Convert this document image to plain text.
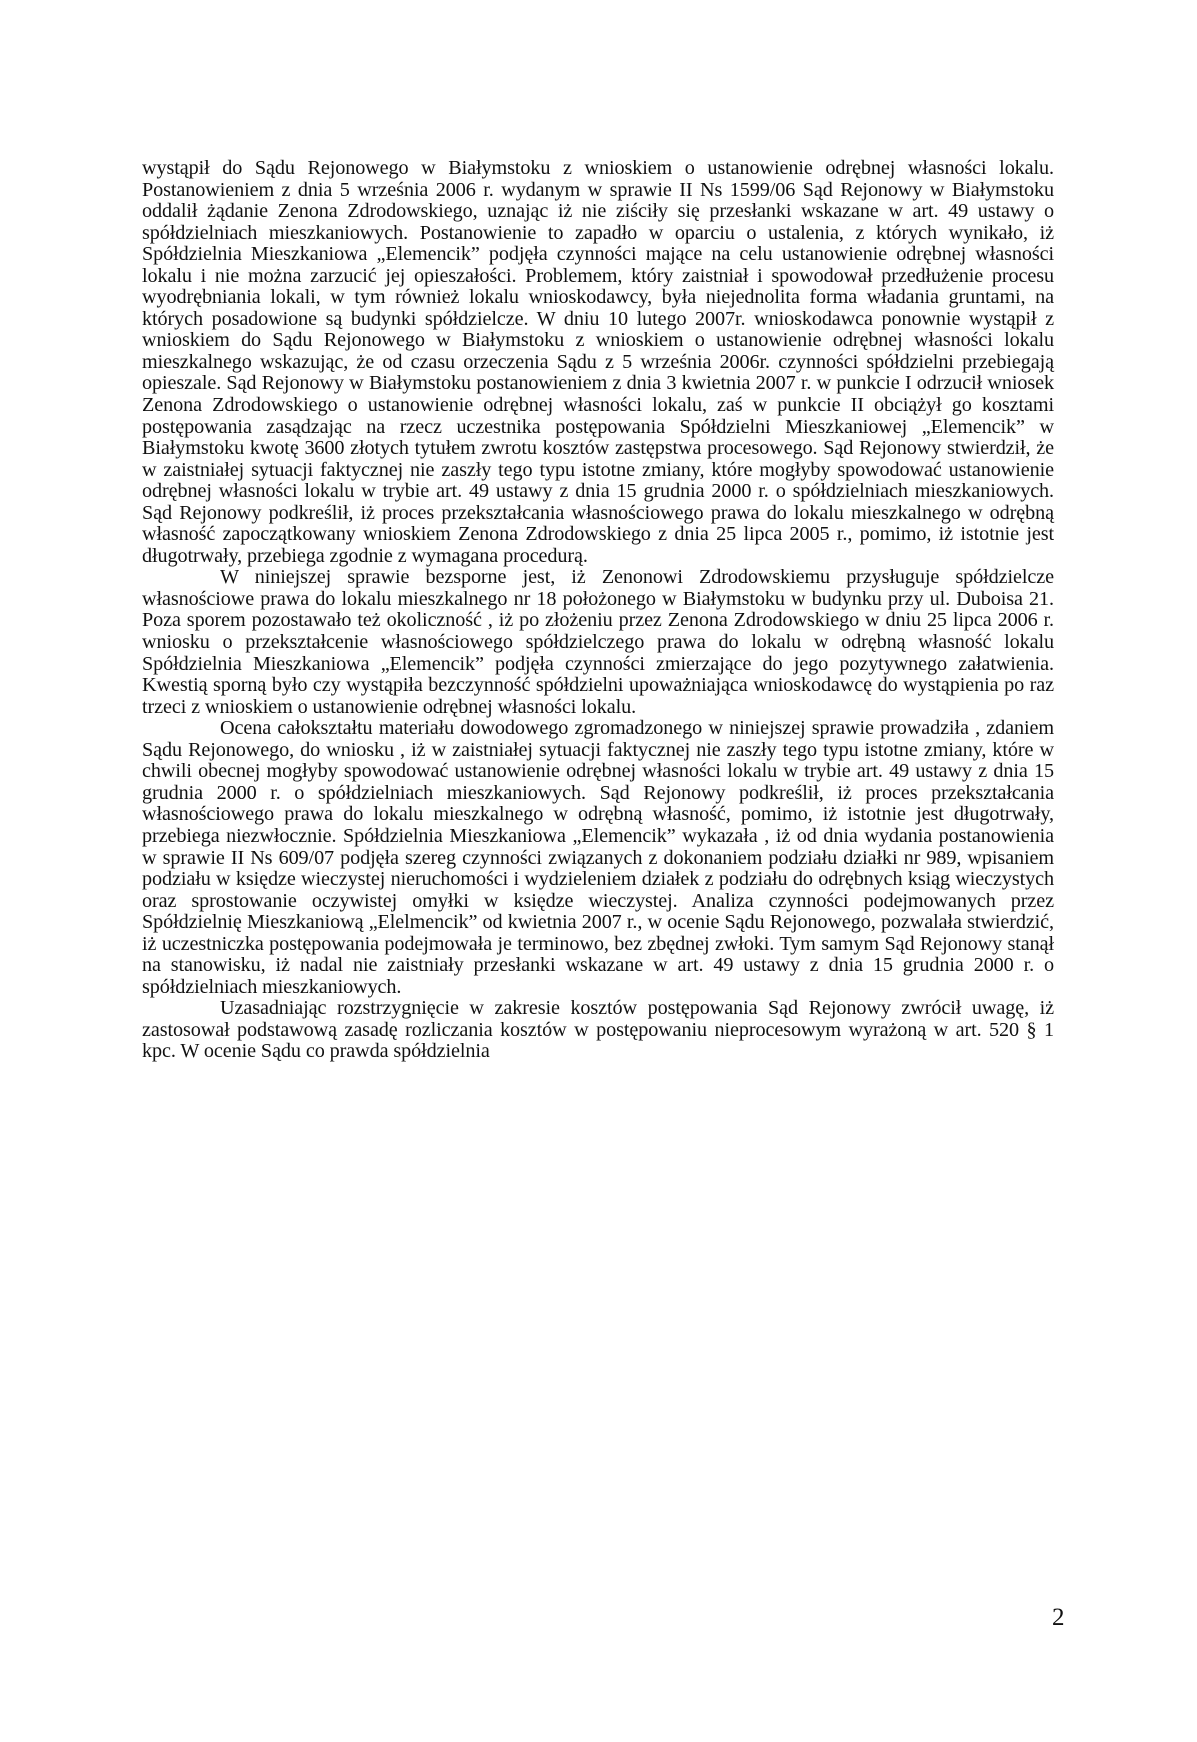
wystąpił do Sądu Rejonowego w Białymstoku z wnioskiem o ustanowienie odrębnej własności lokalu. Postanowieniem z dnia 5 września 2006 r. wydanym w sprawie II Ns 1599/06 Sąd Rejonowy w Białymstoku oddalił żądanie Zenona Zdrodowskiego, uznając iż nie ziściły się przesłanki wskazane w art. 49 ustawy o spółdzielniach mieszkaniowych. Postanowienie to zapadło w oparciu o ustalenia, z których wynikało, iż Spółdzielnia Mieszkaniowa „Elemencik” podjęła czynności mające na celu ustanowienie odrębnej własności lokalu i nie można zarzucić jej opieszałości. Problemem, który zaistniał i spowodował przedłużenie procesu wyodrębniania lokali, w tym również lokalu wnioskodawcy, była niejednolita forma władania gruntami, na których posadowione są budynki spółdzielcze. W dniu 10 lutego 2007r. wnioskodawca ponownie wystąpił z wnioskiem do Sądu Rejonowego w Białymstoku z wnioskiem o ustanowienie odrębnej własności lokalu mieszkalnego wskazując, że od czasu orzeczenia Sądu z 5 września 2006r. czynności spółdzielni przebiegają opieszale. Sąd Rejonowy w Białymstoku postanowieniem z dnia 3 kwietnia 2007 r. w punkcie I odrzucił wniosek Zenona Zdrodowskiego o ustanowienie odrębnej własności lokalu, zaś w punkcie II obciążył go kosztami postępowania zasądzając na rzecz uczestnika postępowania Spółdzielni Mieszkaniowej „Elemencik” w Białymstoku kwotę 3600 złotych tytułem zwrotu kosztów zastępstwa procesowego. Sąd Rejonowy stwierdził, że w zaistniałej sytuacji faktycznej nie zaszły tego typu istotne zmiany, które mogłyby spowodować ustanowienie odrębnej własności lokalu w trybie art. 49 ustawy z dnia 15 grudnia 2000 r. o spółdzielniach mieszkaniowych. Sąd Rejonowy podkreślił, iż proces przekształcania własnościowego prawa do lokalu mieszkalnego w odrębną własność zapoczątkowany wnioskiem Zenona Zdrodowskiego z dnia 25 lipca 2005 r., pomimo, iż istotnie jest długotrwały, przebiega zgodnie z wymagana procedurą.

W niniejszej sprawie bezsporne jest, iż Zenonowi Zdrodowskiemu przysługuje spółdzielcze własnościowe prawa do lokalu mieszkalnego nr 18 położonego w Białymstoku w budynku przy ul. Duboisa 21. Poza sporem pozostawało też okoliczność , iż po złożeniu przez Zenona Zdrodowskiego w dniu 25 lipca 2006 r. wniosku o przekształcenie własnościowego spółdzielczego prawa do lokalu w odrębną własność lokalu Spółdzielnia Mieszkaniowa „Elemencik” podjęła czynności zmierzające do jego pozytywnego załatwienia. Kwestią sporną było czy wystąpiła bezczynność spółdzielni upoważniająca wnioskodawcę do wystąpienia po raz trzeci z wnioskiem o ustanowienie odrębnej własności lokalu.

Ocena całokształtu materiału dowodowego zgromadzonego w niniejszej sprawie prowadziła , zdaniem Sądu Rejonowego, do wniosku , iż w zaistniałej sytuacji faktycznej nie zaszły tego typu istotne zmiany, które w chwili obecnej mogłyby spowodować ustanowienie odrębnej własności lokalu w trybie art. 49 ustawy z dnia 15 grudnia 2000 r. o spółdzielniach mieszkaniowych. Sąd Rejonowy podkreślił, iż proces przekształcania własnościowego prawa do lokalu mieszkalnego w odrębną własność, pomimo, iż istotnie jest długotrwały, przebiega niezwłocznie. Spółdzielnia Mieszkaniowa „Elemencik” wykazała , iż od dnia wydania postanowienia w sprawie II Ns 609/07 podjęła szereg czynności związanych z dokonaniem podziału działki nr 989, wpisaniem podziału w księdze wieczystej nieruchomości i wydzieleniem działek z podziału do odrębnych ksiąg wieczystych oraz sprostowanie oczywistej omyłki w księdze wieczystej. Analiza czynności podejmowanych przez Spółdzielnię Mieszkaniową „Elelmencik” od kwietnia 2007 r., w ocenie Sądu Rejonowego, pozwalała stwierdzić, iż uczestniczka postępowania podejmowała je terminowo, bez zbędnej zwłoki. Tym samym Sąd Rejonowy stanął na stanowisku, iż nadal nie zaistniały przesłanki wskazane w art. 49 ustawy z dnia 15 grudnia 2000 r. o spółdzielniach mieszkaniowych.

Uzasadniając rozstrzygnięcie w zakresie kosztów postępowania Sąd Rejonowy zwrócił uwagę, iż zastosował podstawową zasadę rozliczania kosztów w postępowaniu nieprocesowym wyrażoną w art. 520 § 1 kpc. W ocenie Sądu co prawda spółdzielnia

2
